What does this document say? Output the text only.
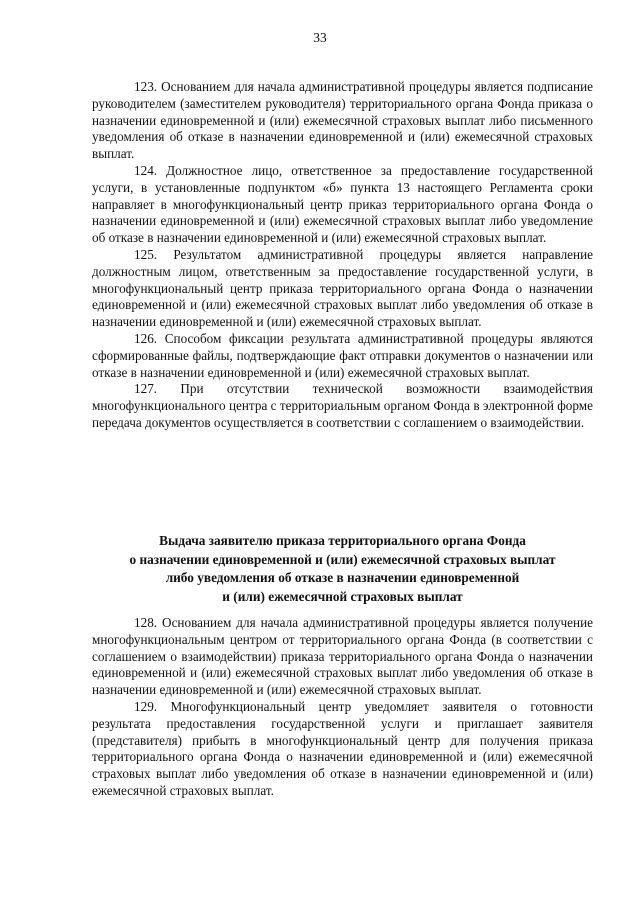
33

123. Основанием для начала административной процедуры является подписание руководителем (заместителем руководителя) территориального органа Фонда приказа о назначении единовременной и (или) ежемесячной страховых выплат либо письменного уведомления об отказе в назначении единовременной и (или) ежемесячной страховых выплат.

124. Должностное лицо, ответственное за предоставление государственной услуги, в установленные подпунктом «б» пункта 13 настоящего Регламента сроки направляет в многофункциональный центр приказ территориального органа Фонда о назначении единовременной и (или) ежемесячной страховых выплат либо уведомление об отказе в назначении единовременной и (или) ежемесячной страховых выплат.

125. Результатом административной процедуры является направление должностным лицом, ответственным за предоставление государственной услуги, в многофункциональный центр приказа территориального органа Фонда о назначении единовременной и (или) ежемесячной страховых выплат либо уведомления об отказе в назначении единовременной и (или) ежемесячной страховых выплат.

126. Способом фиксации результата административной процедуры являются сформированные файлы, подтверждающие факт отправки документов о назначении или отказе в назначении единовременной и (или) ежемесячной страховых выплат.

127. При отсутствии технической возможности взаимодействия многофункционального центра с территориальным органом Фонда в электронной форме передача документов осуществляется в соответствии с соглашением о взаимодействии.

Выдача заявителю приказа территориального органа Фонда
о назначении единовременной и (или) ежемесячной страховых выплат
либо уведомления об отказе в назначении единовременной
и (или) ежемесячной страховых выплат

128. Основанием для начала административной процедуры является получение многофункциональным центром от территориального органа Фонда (в соответствии с соглашением о взаимодействии) приказа территориального органа Фонда о назначении единовременной и (или) ежемесячной страховых выплат либо уведомления об отказе в назначении единовременной и (или) ежемесячной страховых выплат.

129. Многофункциональный центр уведомляет заявителя о готовности результата предоставления государственной услуги и приглашает заявителя (представителя) прибыть в многофункциональный центр для получения приказа территориального органа Фонда о назначении единовременной и (или) ежемесячной страховых выплат либо уведомления об отказе в назначении единовременной и (или) ежемесячной страховых выплат.
